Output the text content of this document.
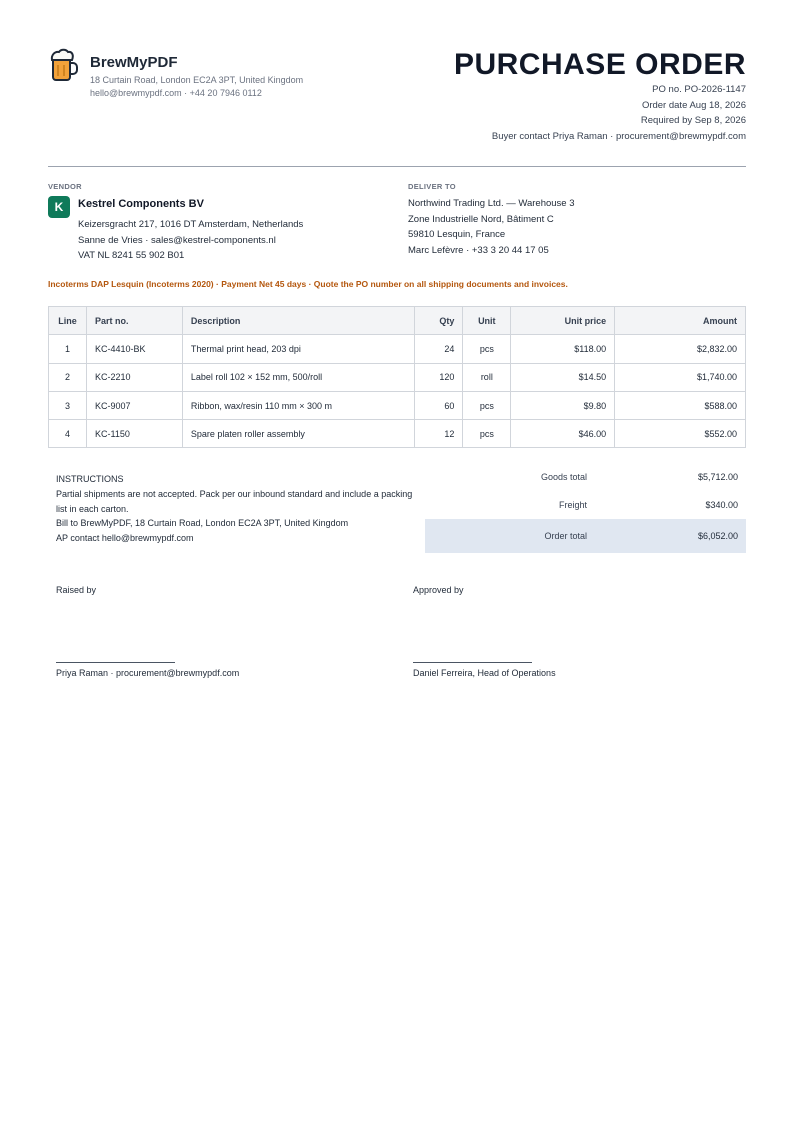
BrewMyPDF
18 Curtain Road, London EC2A 3PT, United Kingdom
hello@brewmypdf.com · +44 20 7946 0112
PURCHASE ORDER
PO no. PO-2026-1147
Order date Aug 18, 2026
Required by Sep 8, 2026
Buyer contact Priya Raman · procurement@brewmypdf.com
VENDOR
K	Kestrel Components BV
Keizersgracht 217, 1016 DT Amsterdam, Netherlands
Sanne de Vries · sales@kestrel-components.nl
VAT NL 8241 55 902 B01
DELIVER TO
Northwind Trading Ltd. — Warehouse 3
Zone Industrielle Nord, Bâtiment C
59810 Lesquin, France
Marc Lefèvre · +33 3 20 44 17 05
Incoterms DAP Lesquin (Incoterms 2020) · Payment Net 45 days · Quote the PO number on all shipping documents and invoices.
Line	Part no.	Description	Qty	Unit	Unit price	Amount
1	KC-4410-BK	Thermal print head, 203 dpi	24	pcs	$118.00	$2,832.00
2	KC-2210	Label roll 102 × 152 mm, 500/roll	120	roll	$14.50	$1,740.00
3	KC-9007	Ribbon, wax/resin 110 mm × 300 m	60	pcs	$9.80	$588.00
4	KC-1150	Spare platen roller assembly	12	pcs	$46.00	$552.00
INSTRUCTIONS
Partial shipments are not accepted. Pack per our inbound standard and include a packing list in each carton.
Bill to BrewMyPDF, 18 Curtain Road, London EC2A 3PT, United Kingdom
AP contact hello@brewmypdf.com
Goods total	$5,712.00
Freight	$340.00
Order total	$6,052.00
Raised by
Priya Raman · procurement@brewmypdf.com
Approved by
Daniel Ferreira, Head of Operations
